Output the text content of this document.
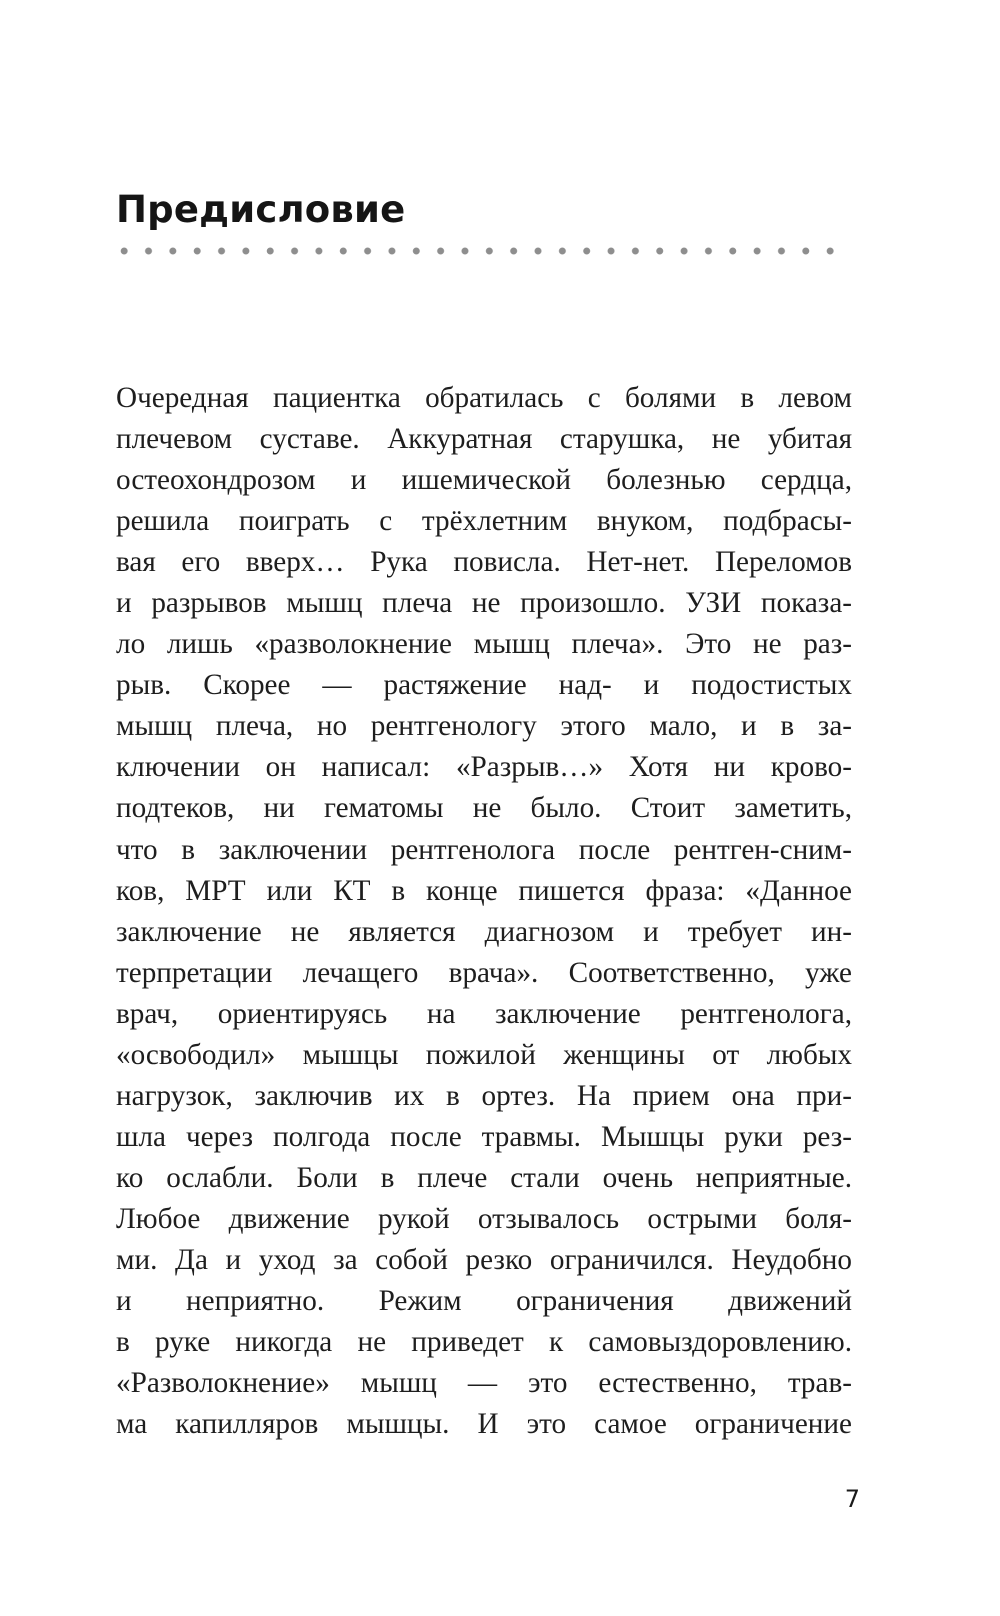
Предисловие
Очередная пациентка обратилась с болями в левом
плечевом суставе. Аккуратная старушка, не убитая
остеохондрозом и ишемической болезнью сердца,
решила поиграть с трёхлетним внуком, подбрасы-
вая его вверх… Рука повисла. Нет-нет. Переломов
и разрывов мышц плеча не произошло. УЗИ показа-
ло лишь «разволокнение мышц плеча». Это не раз-
рыв. Скорее — растяжение над- и подостистых
мышц плеча, но рентгенологу этого мало, и в за-
ключении он написал: «Разрыв…» Хотя ни крово-
подтеков, ни гематомы не было. Стоит заметить,
что в заключении рентгенолога после рентген-сним-
ков, МРТ или КТ в конце пишется фраза: «Данное
заключение не является диагнозом и требует ин-
терпретации лечащего врача». Соответственно, уже
врач, ориентируясь на заключение рентгенолога,
«освободил» мышцы пожилой женщины от любых
нагрузок, заключив их в ортез. На прием она при-
шла через полгода после травмы. Мышцы руки рез-
ко ослабли. Боли в плече стали очень неприятные.
Любое движение рукой отзывалось острыми боля-
ми. Да и уход за собой резко ограничился. Неудобно
и неприятно. Режим ограничения движений
в руке никогда не приведет к самовыздоровлению.
«Разволокнение» мышц — это естественно, трав-
ма капилляров мышцы. И это самое ограничение
7
